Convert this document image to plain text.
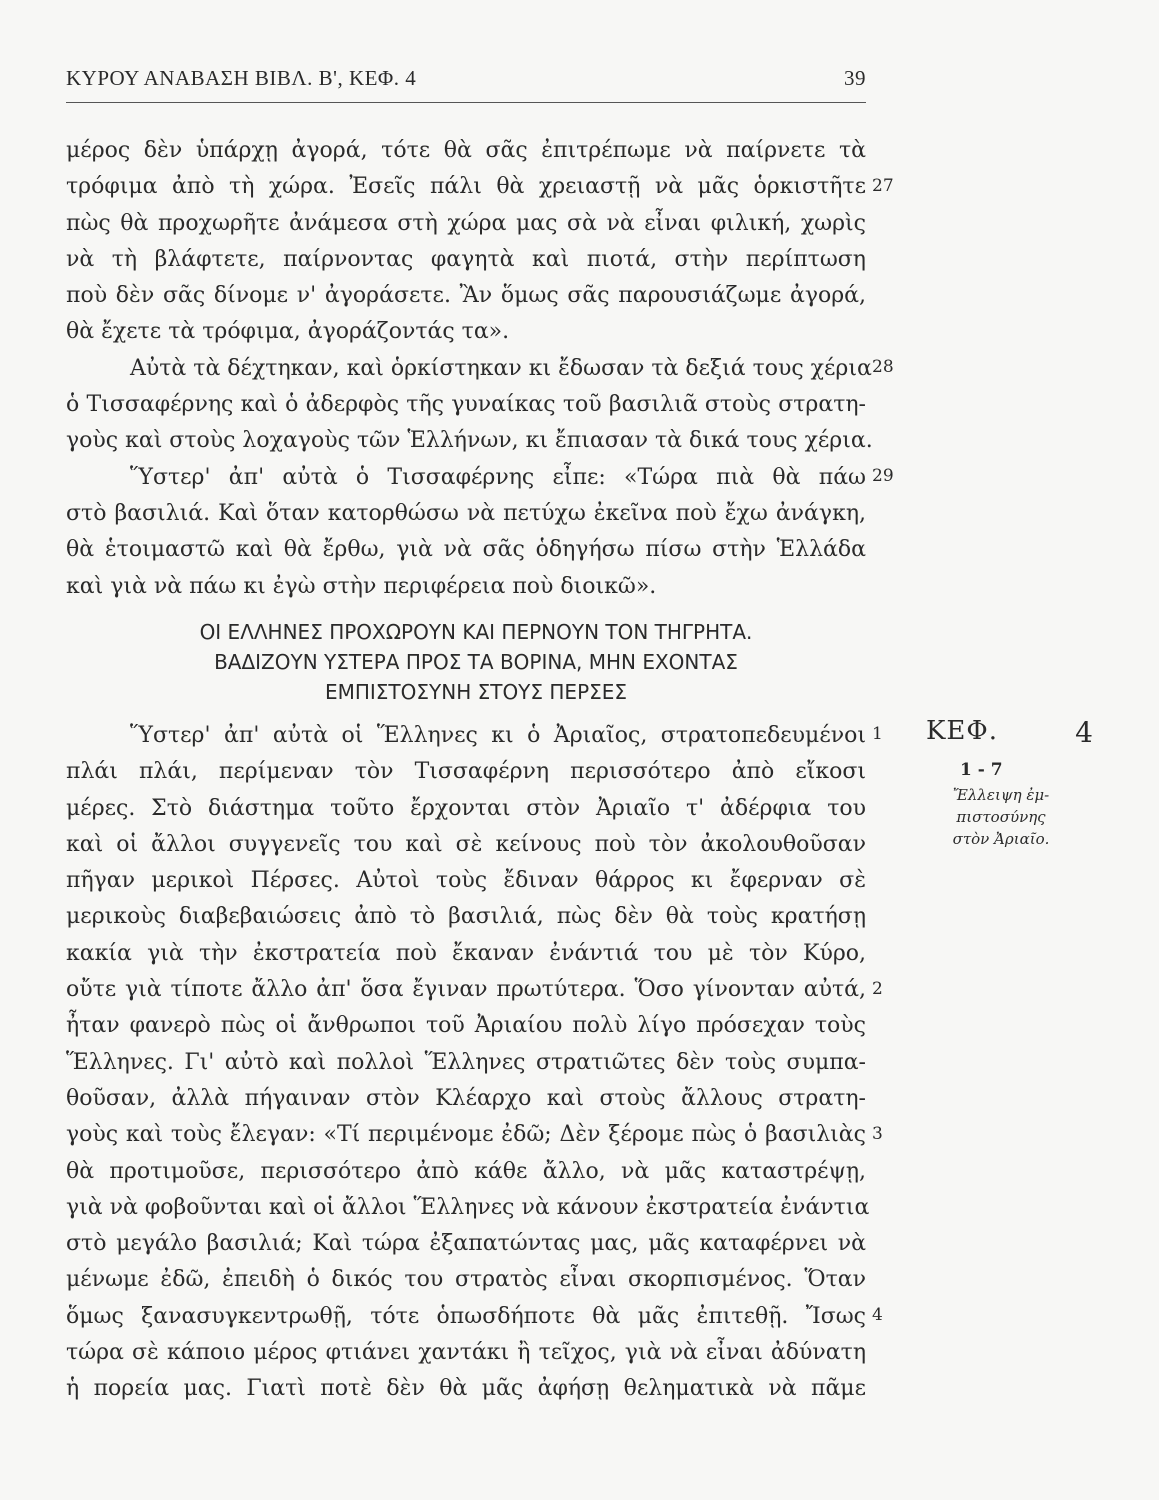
ΚΥΡΟΥ ΑΝΑΒΑΣΗ ΒΙΒΛ. Β', ΚΕΦ. 4	39
μέρος δὲν ὑπάρχῃ ἀγορά, τότε θὰ σᾶς ἐπιτρέπωμε νὰ παίρνετε τὰ
τρόφιμα ἀπὸ τὴ χώρα. Ἐσεῖς πάλι θὰ χρειαστῇ νὰ μᾶς ὁρκιστῆτε
πὼς θὰ προχωρῆτε ἀνάμεσα στὴ χώρα μας σὰ νὰ εἶναι φιλική, χωρὶς
νὰ τὴ βλάφτετε, παίρνοντας φαγητὰ καὶ πιοτά, στὴν περίπτωση
ποὺ δὲν σᾶς δίνομε ν' ἀγοράσετε. Ἂν ὅμως σᾶς παρουσιάζωμε ἀγορά,
θὰ ἔχετε τὰ τρόφιμα, ἀγοράζοντάς τα».
Αὐτὰ τὰ δέχτηκαν, καὶ ὁρκίστηκαν κι ἔδωσαν τὰ δεξιά τους χέρια
ὁ Τισσαφέρνης καὶ ὁ ἀδερφὸς τῆς γυναίκας τοῦ βασιλιᾶ στοὺς στρατη-
γοὺς καὶ στοὺς λοχαγοὺς τῶν Ἑλλήνων, κι ἔπιασαν τὰ δικά τους χέρια.
Ὕστερ' ἀπ' αὐτὰ ὁ Τισσαφέρνης εἶπε: «Τώρα πιὰ θὰ πάω
στὸ βασιλιά. Καὶ ὅταν κατορθώσω νὰ πετύχω ἐκεῖνα ποὺ ἔχω ἀνάγκη,
θὰ ἑτοιμαστῶ καὶ θὰ ἔρθω, γιὰ νὰ σᾶς ὁδηγήσω πίσω στὴν Ἑλλάδα
καὶ γιὰ νὰ πάω κι ἐγὼ στὴν περιφέρεια ποὺ διοικῶ».
27
28
29
ΟΙ ΕΛΛΗΝΕΣ ΠΡΟΧΩΡΟΥΝ ΚΑΙ ΠΕΡΝΟΥΝ ΤΟΝ ΤΗΓΡΗΤΑ.
ΒΑΔΙΖΟΥΝ ΥΣΤΕΡΑ ΠΡΟΣ ΤΑ ΒΟΡΙΝΑ, ΜΗΝ ΕΧΟΝΤΑΣ
ΕΜΠΙΣΤΟΣΥΝΗ ΣΤΟΥΣ ΠΕΡΣΕΣ
Ὕστερ' ἀπ' αὐτὰ οἱ Ἕλληνες κι ὁ Ἀριαῖος, στρατοπεδευμένοι
πλάι πλάι, περίμεναν τὸν Τισσαφέρνη περισσότερο ἀπὸ εἴκοσι
μέρες. Στὸ διάστημα τοῦτο ἔρχονται στὸν Ἀριαῖο τ' ἀδέρφια του
καὶ οἱ ἄλλοι συγγενεῖς του καὶ σὲ κείνους ποὺ τὸν ἀκολουθοῦσαν
πῆγαν μερικοὶ Πέρσες. Αὐτοὶ τοὺς ἔδιναν θάρρος κι ἔφερναν σὲ
μερικοὺς διαβεβαιώσεις ἀπὸ τὸ βασιλιά, πὼς δὲν θὰ τοὺς κρατήσῃ
κακία γιὰ τὴν ἐκστρατεία ποὺ ἔκαναν ἐνάντιά του μὲ τὸν Κύρο,
οὔτε γιὰ τίποτε ἄλλο ἀπ' ὅσα ἔγιναν πρωτύτερα. Ὅσο γίνονταν αὐτά,
ἦταν φανερὸ πὼς οἱ ἄνθρωποι τοῦ Ἀριαίου πολὺ λίγο πρόσεχαν τοὺς
Ἕλληνες. Γι' αὐτὸ καὶ πολλοὶ Ἕλληνες στρατιῶτες δὲν τοὺς συμπα-
θοῦσαν, ἀλλὰ πήγαιναν στὸν Κλέαρχο καὶ στοὺς ἄλλους στρατη-
γοὺς καὶ τοὺς ἔλεγαν: «Τί περιμένομε ἐδῶ; Δὲν ξέρομε πὼς ὁ βασιλιὰς
θὰ προτιμοῦσε, περισσότερο ἀπὸ κάθε ἄλλο, νὰ μᾶς καταστρέψῃ,
γιὰ νὰ φοβοῦνται καὶ οἱ ἄλλοι Ἕλληνες νὰ κάνουν ἐκστρατεία ἐνάντια
στὸ μεγάλο βασιλιά; Καὶ τώρα ἐξαπατώντας μας, μᾶς καταφέρνει νὰ
μένωμε ἐδῶ, ἐπειδὴ ὁ δικός του στρατὸς εἶναι σκορπισμένος. Ὅταν
ὅμως ξανασυγκεντρωθῇ, τότε ὁπωσδήποτε θὰ μᾶς ἐπιτεθῇ. Ἴσως
τώρα σὲ κάποιο μέρος φτιάνει χαντάκι ἢ τεῖχος, γιὰ νὰ εἶναι ἀδύνατη
ἡ πορεία μας. Γιατὶ ποτὲ δὲν θὰ μᾶς ἀφήσῃ θεληματικὰ νὰ πᾶμε
1
2
3
4
ΚΕΦ.	4
1 - 7
Ἔλλειψη ἐμ-
πιστοσύνης
στὸν Ἀριαῖο.
